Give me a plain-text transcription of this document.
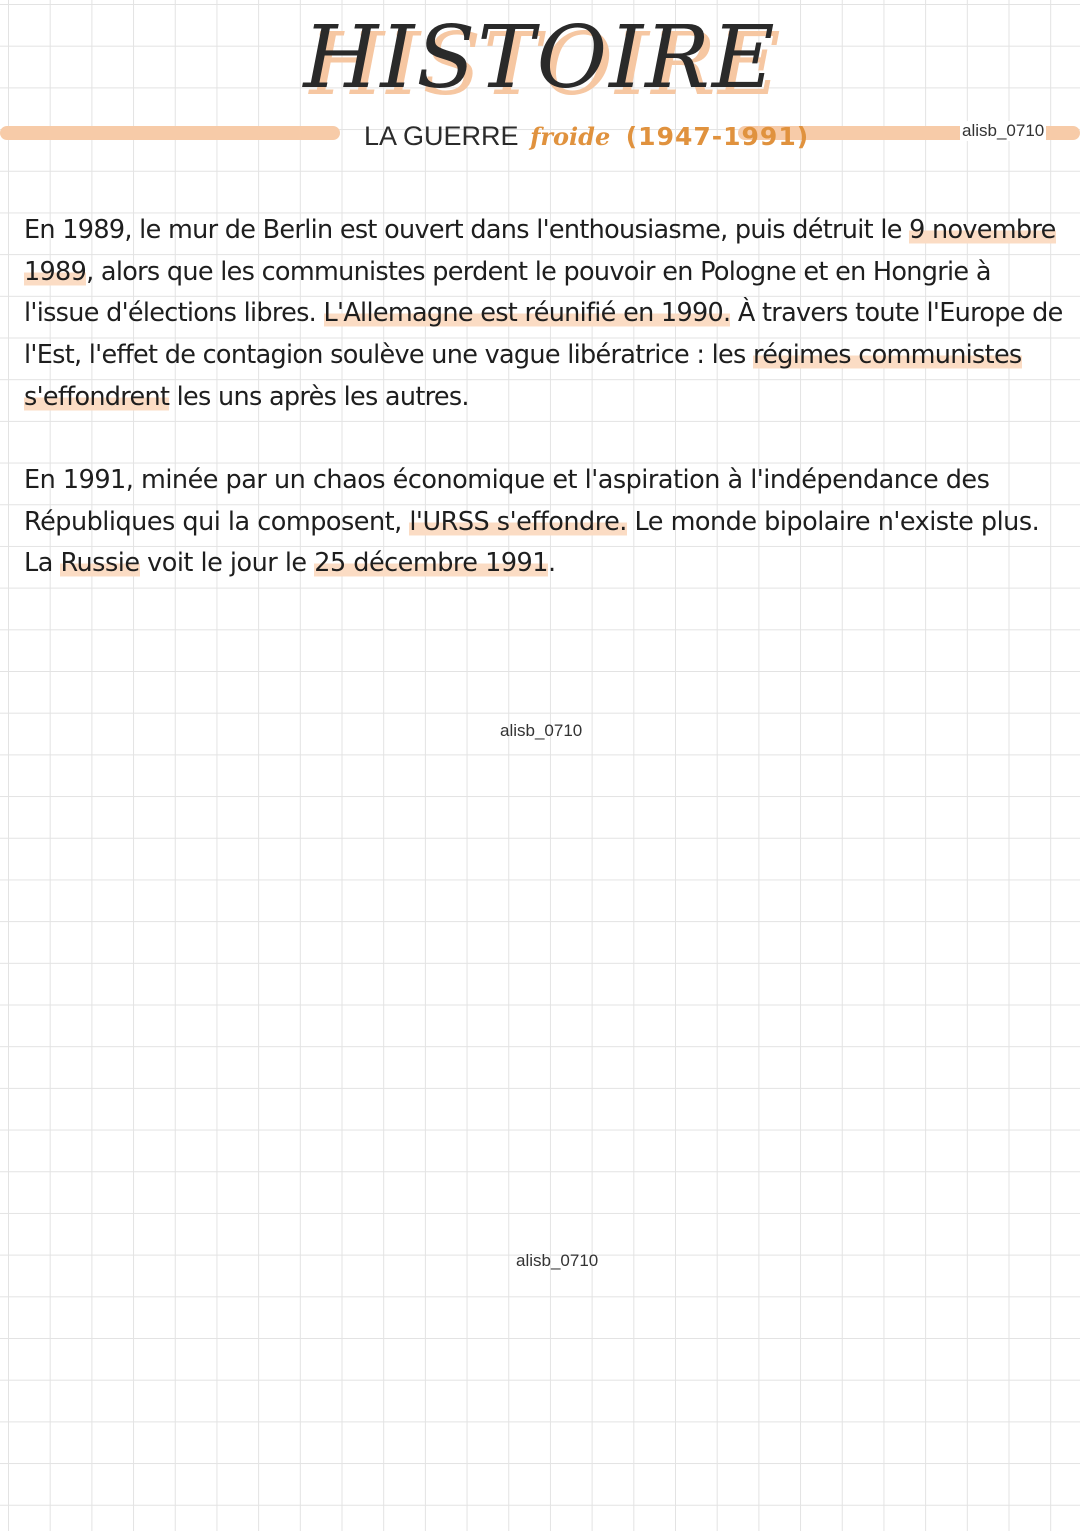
HISTOIRE
LA GUERRE froide (1947-1991)	alisb_0710

En 1989, le mur de Berlin est ouvert dans l'enthousiasme, puis détruit le 9 novembre 1989, alors que les communistes perdent le pouvoir en Pologne et en Hongrie à l'issue d'élections libres. L'Allemagne est réunifié en 1990. À travers toute l'Europe de l'Est, l'effet de contagion soulève une vague libératrice : les régimes communistes s'effondrent les uns après les autres.

En 1991, minée par un chaos économique et l'aspiration à l'indépendance des Républiques qui la composent, l'URSS s'effondre. Le monde bipolaire n'existe plus. La Russie voit le jour le 25 décembre 1991.

alisb_0710
alisb_0710
